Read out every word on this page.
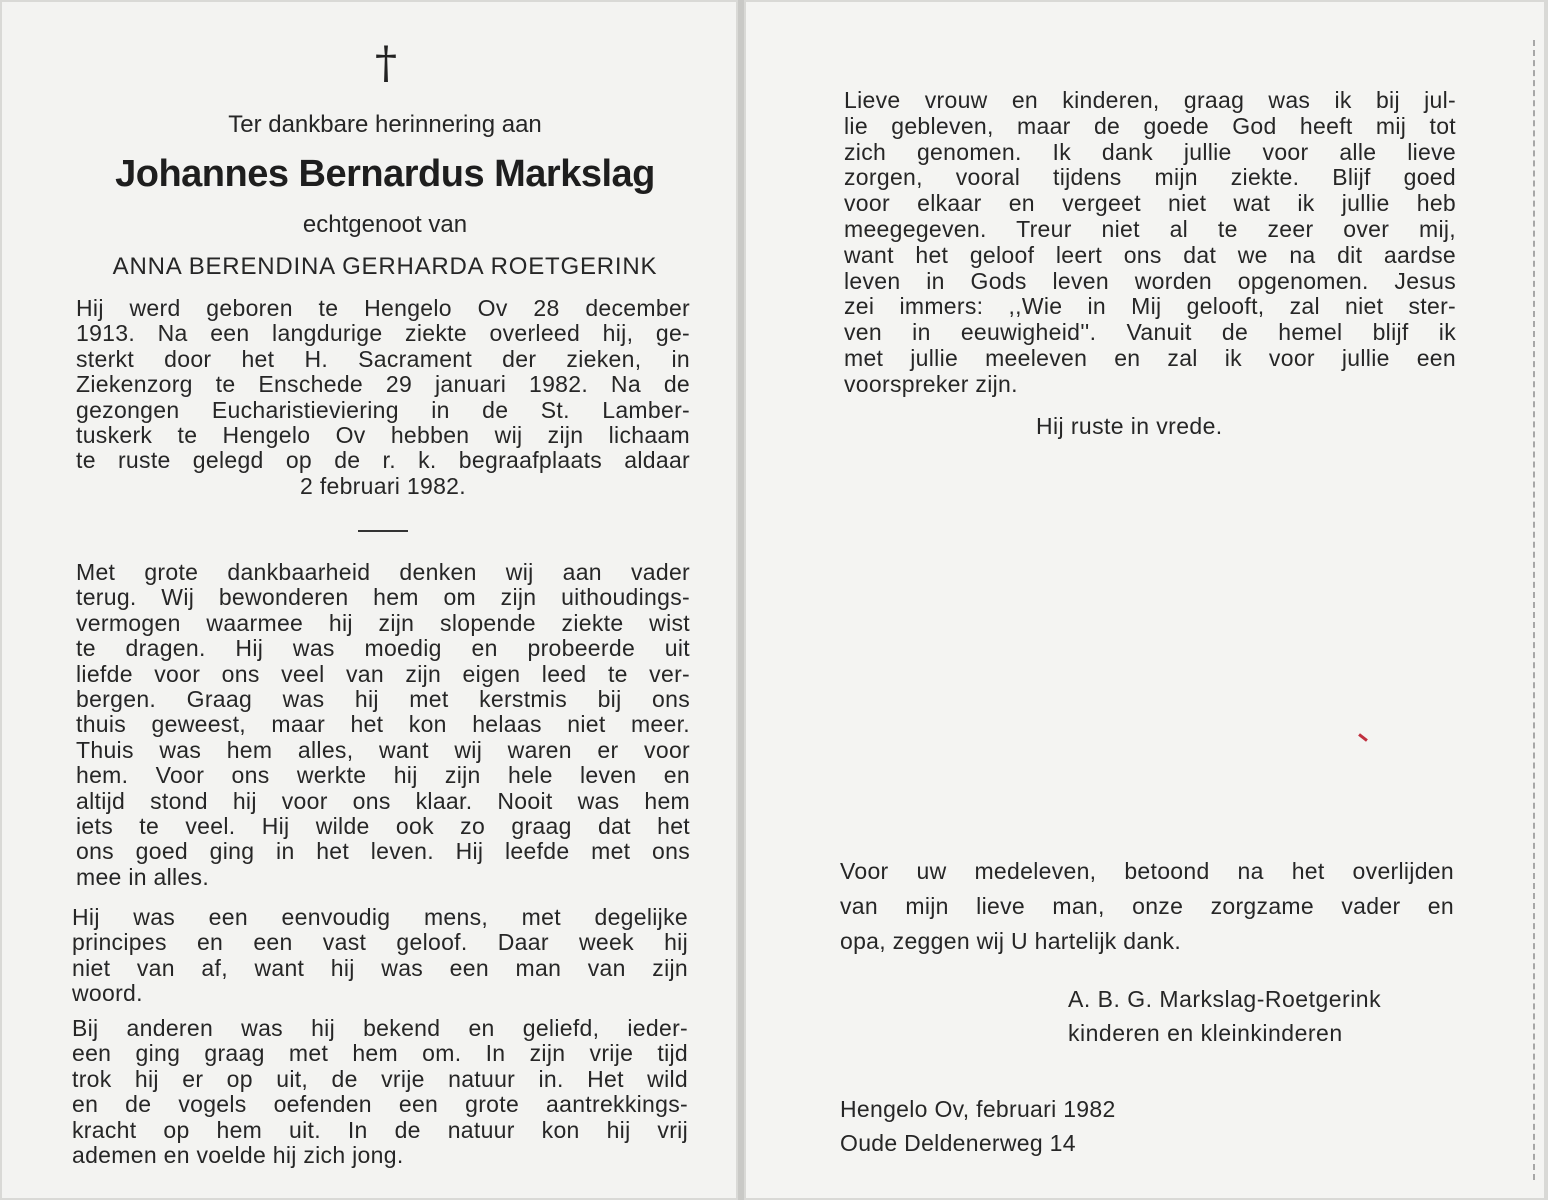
†

Ter dankbare herinnering aan

Johannes Bernardus Markslag

echtgenoot van

ANNA BERENDINA GERHARDA ROETGERINK

Hij werd geboren te Hengelo Ov 28 december
1913. Na een langdurige ziekte overleed hij, ge-
sterkt door het H. Sacrament der zieken, in
Ziekenzorg te Enschede 29 januari 1982. Na de
gezongen Eucharistieviering in de St. Lamber-
tuskerk te Hengelo Ov hebben wij zijn lichaam
te ruste gelegd op de r. k. begraafplaats aldaar
2 februari 1982.
Met grote dankbaarheid denken wij aan vader
terug. Wij bewonderen hem om zijn uithoudings-
vermogen waarmee hij zijn slopende ziekte wist
te dragen. Hij was moedig en probeerde uit
liefde voor ons veel van zijn eigen leed te ver-
bergen. Graag was hij met kerstmis bij ons
thuis geweest, maar het kon helaas niet meer.
Thuis was hem alles, want wij waren er voor
hem. Voor ons werkte hij zijn hele leven en
altijd stond hij voor ons klaar. Nooit was hem
iets te veel. Hij wilde ook zo graag dat het
ons goed ging in het leven. Hij leefde met ons
mee in alles.
Hij was een eenvoudig mens, met degelijke
principes en een vast geloof. Daar week hij
niet van af, want hij was een man van zijn
woord.
Bij anderen was hij bekend en geliefd, ieder-
een ging graag met hem om. In zijn vrije tijd
trok hij er op uit, de vrije natuur in. Het wild
en de vogels oefenden een grote aantrekkings-
kracht op hem uit. In de natuur kon hij vrij
ademen en voelde hij zich jong.
Lieve vrouw en kinderen, graag was ik bij jul-
lie gebleven, maar de goede God heeft mij tot
zich genomen. Ik dank jullie voor alle lieve
zorgen, vooral tijdens mijn ziekte. Blijf goed
voor elkaar en vergeet niet wat ik jullie heb
meegegeven. Treur niet al te zeer over mij,
want het geloof leert ons dat we na dit aardse
leven in Gods leven worden opgenomen. Jesus
zei immers: ,,Wie in Mij gelooft, zal niet ster-
ven in eeuwigheid''. Vanuit de hemel blijf ik
met jullie meeleven en zal ik voor jullie een
voorspreker zijn.

Hij ruste in vrede.

Voor uw medeleven, betoond na het overlijden
van mijn lieve man, onze zorgzame vader en
opa, zeggen wij U hartelijk dank.

A. B. G. Markslag-Roetgerink

kinderen en kleinkinderen

Hengelo Ov, februari 1982

Oude Deldenerweg 14
